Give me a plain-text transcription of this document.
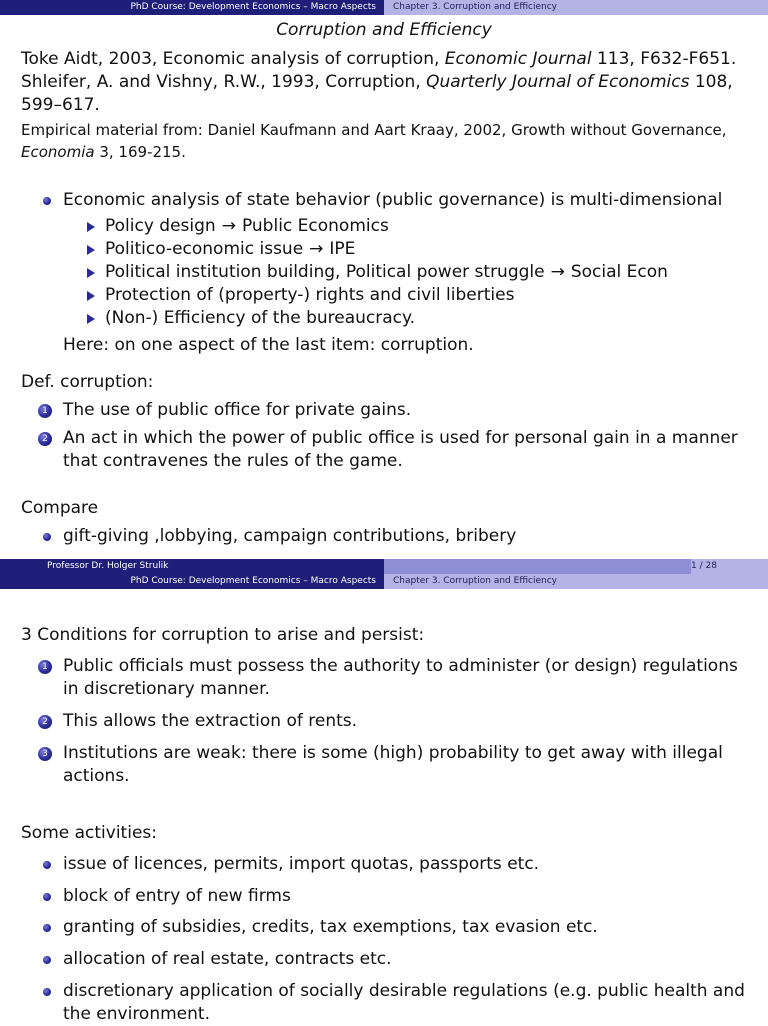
PhD Course: Development Economics – Macro Aspects	Chapter 3. Corruption and Efficiency
Corruption and Efficiency
Toke Aidt, 2003, Economic analysis of corruption, Economic Journal 113, F632-F651.
Shleifer, A. and Vishny, R.W., 1993, Corruption, Quarterly Journal of Economics 108, 599–617.
Empirical material from: Daniel Kaufmann and Aart Kraay, 2002, Growth without Governance, Economia 3, 169-215.
Economic analysis of state behavior (public governance) is multi-dimensional
Policy design → Public Economics
Politico-economic issue → IPE
Political institution building, Political power struggle → Social Econ
Protection of (property-) rights and civil liberties
(Non-) Efficiency of the bureaucracy.
Here: on one aspect of the last item: corruption.
Def. corruption:
1 The use of public office for private gains.
2 An act in which the power of public office is used for personal gain in a manner that contravenes the rules of the game.
Compare
gift-giving ,lobbying, campaign contributions, bribery
Professor Dr. Holger Strulik	1 / 28
PhD Course: Development Economics – Macro Aspects	Chapter 3. Corruption and Efficiency
3 Conditions for corruption to arise and persist:
1 Public officials must possess the authority to administer (or design) regulations in discretionary manner.
2 This allows the extraction of rents.
3 Institutions are weak: there is some (high) probability to get away with illegal actions.
Some activities:
issue of licences, permits, import quotas, passports etc.
block of entry of new firms
granting of subsidies, credits, tax exemptions, tax evasion etc.
allocation of real estate, contracts etc.
discretionary application of socially desirable regulations (e.g. public health and the environment.
